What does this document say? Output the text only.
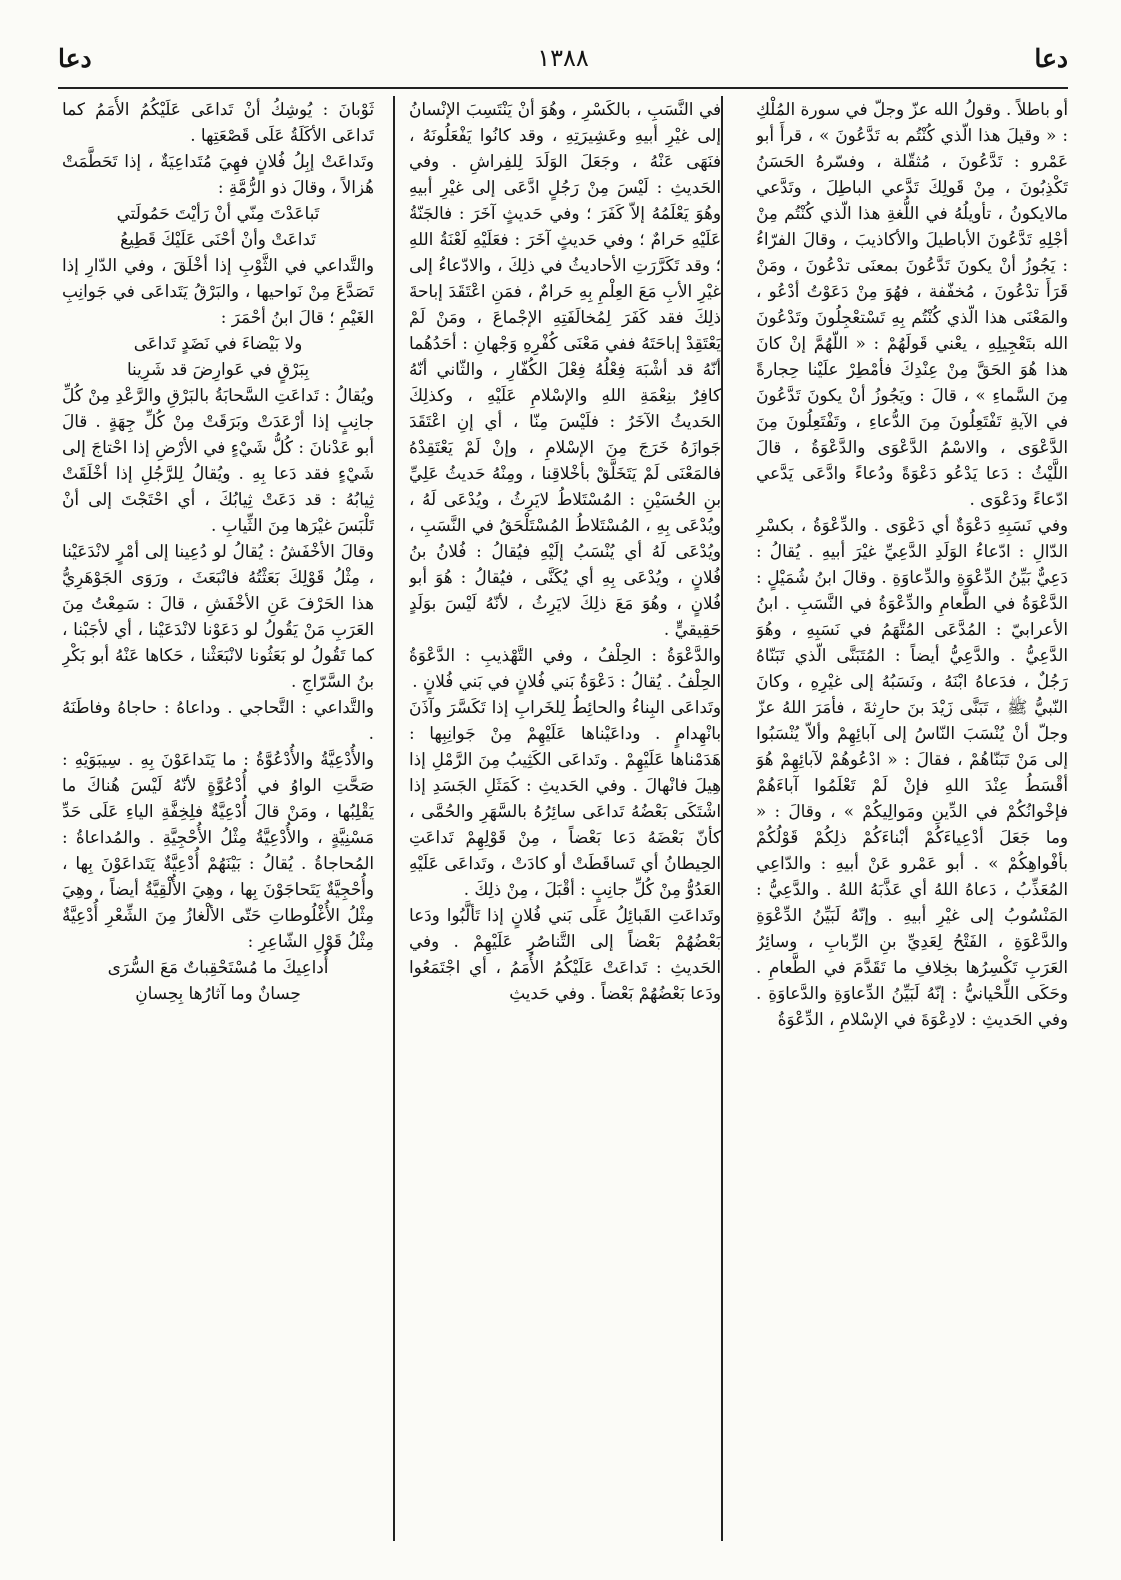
دعا
١٣٨٨
دعا

أو باطلاً . وقولُ الله عزّ وجلّ في سورة المُلْكِ : « وقيلَ هذا الّذي كُنْتُم به تَدَّعُونَ » ، قرأَ أبو عَمْرو : تَدَّعُونَ ، مُثقّلة ، وفسّرهُ الحَسَنُ تَكْذِبُونَ ، مِنْ قَولِكَ تَدَّعي الباطِلَ ، وتَدَّعي مالايكونُ ، تأويلُهُ في اللُّغةِ هذا الّذي كُنْتُم مِنْ أجْلِهِ تَدَّعُونَ الأباطيلَ والأكاذيبَ ، وقالَ الفرّاءُ : يَجُوزُ أنْ يكونَ تَدَّعُونَ بمعنَى تدْعُونَ ، ومَنْ قَرَأَ تدْعُونَ ، مُخفّفة ، فهُوَ مِنْ دَعَوْتُ أدْعُو ، والمَعْنَى هذا الّذي كُنْتُم بِهِ تَسْتعْجِلُونَ وتَدْعُونَ الله بتَعْجِيلِهِ ، يعْني قَولَهُمْ : « اللّهُمَّ إنْ كانَ هذا هُوَ الحَقَّ مِنْ عِنْدِكَ فأمْطِرْ علَيْنا حِجارةً مِنَ السَّماءِ » ، قالَ : ويَجُوزُ أنْ يكونَ تَدَّعُونَ في الآيةِ تَفْتَعِلُونَ مِنَ الدُّعاءِ ، وتَفْتَعِلُونَ مِنَ الدَّعْوَى ، والاسْمُ الدَّعْوَى والدَّعْوَةُ ، قالَ اللَّيْثُ : دَعا يَدْعُو دَعْوَةً ودُعاءً وادَّعَى يَدَّعي ادّعاءً ودَعْوَى .

وفي نَسَبِهِ دَعْوَةٌ أي دَعْوَى . والدِّعْوَةُ ، بكسْرِ الدّالِ : ادّعاءُ الوَلَدِ الدَّعِيِّ غيْرَ أبيهِ . يُقالُ : دَعِيٌّ بَيِّنُ الدِّعْوَةِ والدِّعاوَةِ . وقالَ ابنُ شُمَيْلٍ : الدَّعْوَةُ في الطَّعامِ والدِّعْوَةُ في النَّسَبِ . ابنُ الأعرابيّ : المُدَّعَى المُتَّهَمُ في نَسَبِهِ ، وهُوَ الدَّعِيُّ . والدَّعِيُّ أيضاً : المُتَبَنَّى الّذي تَبَنّاهُ رَجُلٌ ، فدَعاهُ ابْنَهُ ، ونَسَبُهُ إلى غيْرِهِ ، وكانَ النّبيُّ ﷺ ، تَبَنَّى زَيْدَ بنَ حارِثةَ ، فأمَرَ اللهُ عزّ وجلّ أنْ يُنْسَبَ النّاسُ إلى آبائِهِمْ وألاّ يُنْسَبُوا إلى مَنْ تَبَنّاهُمْ ، فقالَ : « ادْعُوهُمْ لآبائِهِمْ هُوَ أقْسَطُ عِنْدَ اللهِ فإنْ لَمْ تَعْلَمُوا آباءَهُمْ فإخْوانُكُمْ في الدِّينِ ومَوالِيكُمْ » ، وقالَ : « وما جَعَلَ أدْعِياءَكُمْ أبْناءَكُمْ ذلِكُمْ قَوْلُكُمْ بأفْواهِكُمْ » . أبو عَمْرو عَنْ أبيهِ : والدّاعِي المُعَذِّبُ ، دَعاهُ اللهُ أي عَذَّبَهُ اللهُ . والدَّعِيُّ : المَنْسُوبُ إلى غيْرِ أبيهِ . وإنّهُ لَبَيِّنُ الدِّعْوَةِ والدَّعْوَةِ ، الفَتْحُ لِعَدِيِّ بنِ الرِّبابِ ، وسائِرُ العَرَبِ تَكْسِرُها بخِلافِ ما تَقَدَّمَ في الطَّعامِ . وحَكَى اللِّحْيانيُّ : إنّهُ لَبَيِّنُ الدِّعاوَةِ والدَّعاوَةِ . وفي الحَديثِ : لادِعْوَةَ في الإسْلامِ ، الدِّعْوَةُ

في النَّسَبِ ، بالكَسْرِ ، وهُوَ أنْ يَنْتَسِبَ الإنْسانُ إلى غيْرِ أبيهِ وعَشِيرَتِهِ ، وقد كانُوا يَفْعَلُونَهُ ، فنَهَى عَنْهُ ، وجَعَلَ الوَلَدَ لِلفِراشِ . وفي الحَديثِ : لَيْسَ مِنْ رَجُلٍ ادَّعَى إلى غيْرِ أبيهِ وهُوَ يَعْلَمُهُ إلاّ كَفَرَ ؛ وفي حَديثٍ آخَرَ : فالجَنّةُ عَلَيْهِ حَرامٌ ؛ وفي حَديثٍ آخَرَ : فعَلَيْهِ لَعْنَةُ اللهِ ؛ وقد تَكَرَّرَتِ الأحاديثُ في ذلِكَ ، والادّعاءُ إلى غيْرِ الأبِ مَعَ العِلْمِ بِهِ حَرامٌ ، فمَنِ اعْتَقَدَ إباحةَ ذلِكَ فقد كَفَرَ لِمُخالَفَتِهِ الإجْماعَ ، ومَنْ لَمْ يَعْتَقِدْ إباحَتَهُ ففي مَعْنَى كُفْرِهِ وَجْهانِ : أحَدُهُما أنّهُ قد أشْبَهَ فِعْلُهُ فِعْلَ الكُفّارِ ، والثّاني أنّهُ كافِرٌ بنِعْمَةِ اللهِ والإسْلامِ عَلَيْهِ ، وكذلِكَ الحَديثُ الآخَرُ : فلَيْسَ مِنّا ، أي إنِ اعْتَقَدَ جَوازَهُ خَرَجَ مِنَ الإسْلامِ ، وإنْ لَمْ يَعْتَقِدْهُ فالمَعْنَى لَمْ يَتَخَلَّقْ بأخْلاقِنا ، ومِنْهُ حَديثُ عَلِيِّ بنِ الحُسَيْنِ : المُسْتَلاطُ لايَرِثُ ، ويُدْعَى لَهُ ، ويُدْعَى بِهِ ، المُسْتَلاطُ المُسْتَلْحَقُ في النَّسَبِ ، ويُدْعَى لَهُ أي يُنْسَبُ إلَيْهِ فيُقالُ : فُلانُ بنُ فُلانٍ ، ويُدْعَى بِهِ أي يُكَنَّى ، فيُقالُ : هُوَ أبو فُلانٍ ، وهُوَ مَعَ ذلِكَ لايَرِثُ ، لأنّهُ لَيْسَ بوَلَدٍ حَقِيقيٍّ .

والدَّعْوَةُ : الحِلْفُ ، وفي التَّهْذيبِ : الدَّعْوَةُ الحِلْفُ . يُقالُ : دَعْوَةُ بَني فُلانٍ في بَني فُلانٍ .

وتَداعَى البِناءُ والحائِطُ لِلخَرابِ إذا تَكَسَّرَ وآذَنَ بانْهِدامٍ . وداعَيْناها عَلَيْهِمْ مِنْ جَوانِبِها : هَدَمْناها عَلَيْهِمْ . وتَداعَى الكَثِيبُ مِنَ الرَّمْلِ إذا هِيلَ فانْهالَ . وفي الحَديثِ : كَمَثَلِ الجَسَدِ إذا اشْتَكَى بَعْضُهُ تَداعَى سائِرُهُ بالسَّهَرِ والحُمَّى ، كأنّ بَعْضَهُ دَعا بَعْضاً ، مِنْ قَوْلِهِمْ تَداعَتِ الحِيطانُ أي تَساقَطَتْ أو كادَتْ ، وتَداعَى عَلَيْهِ العَدُوُّ مِنْ كُلِّ جانِبٍ : أقْبَلَ ، مِنْ ذلِكَ .

وتَداعَتِ القَبائِلُ عَلَى بَني فُلانٍ إذا تَألَّبُوا ودَعا بَعْضُهُمْ بَعْضاً إلى التَّناصُرِ عَلَيْهِمْ . وفي الحَديثِ : تَداعَتْ عَلَيْكُمُ الأُمَمُ ، أي اجْتَمَعُوا ودَعا بَعْضُهُمْ بَعْضاً . وفي حَديثِ

ثَوْبانَ : يُوشِكُ أنْ تَداعَى عَلَيْكُمُ الأُمَمُ كما تَداعَى الأكَلَةُ عَلَى قَصْعَتِها .

وتَداعَتْ إبِلُ فُلانٍ فهِيَ مُتَداعِيَةٌ ، إذا تَحَطَّمَتْ هُزالاً ، وقالَ ذو الرُّمَّةِ :

تَباعَدْتَ مِنّي أنْ رَأيْتَ حَمُولَتي

تَداعَتْ وأنْ أحْنَى عَلَيْكَ قَطِيعُ

والتَّداعي في الثَّوْبِ إذا أخْلَقَ ، وفي الدّارِ إذا تَصَدَّعَ مِنْ نَواحيها ، والبَرْقُ يَتَداعَى في جَوانِبِ الغَيْمِ ؛ قالَ ابنُ أحْمَرَ :

ولا بَيْضاءَ في نَضَدٍ تَداعَى

بِبَرْقٍ في عَوارِضَ قد شَرِينا

ويُقالُ : تَداعَتِ السَّحابَةُ بالبَرْقِ والرَّعْدِ مِنْ كُلِّ جانِبٍ إذا أرْعَدَتْ وبَرَقَتْ مِنْ كُلِّ جِهَةٍ . قالَ أبو عَدْنانَ : كُلُّ شَيْءٍ في الأرْضِ إذا احْتاجَ إلى شَيْءٍ فقد دَعا بِهِ . ويُقالُ لِلرَّجُلِ إذا أخْلَقَتْ ثِيابُهُ : قد دَعَتْ ثِيابُكَ ، أي احْتَجْتَ إلى أنْ تَلْبَسَ غيْرَها مِنَ الثِّيابِ .

وقالَ الأخْفَشُ : يُقالُ لو دُعِينا إلى أمْرٍ لانْدَعَيْنا ، مِثْلُ قَوْلِكَ بَعَثْتُهُ فانْبَعَثَ ، ورَوَى الجَوْهَرِيُّ هذا الحَرْفَ عَنِ الأخْفَشِ ، قالَ : سَمِعْتُ مِنَ العَرَبِ مَنْ يَقُولُ لو دَعَوْنا لانْدَعَيْنا ، أي لأجَبْنا ، كما تَقُولُ لو بَعَثُونا لانْبَعَثْنا ، حَكاها عَنْهُ أبو بَكْرِ بنُ السَّرّاجِ .

والتَّداعي : التَّحاجي . وداعاهُ : حاجاهُ وفاطَنَهُ .

والأُدْعِيَّةُ والأُدْعُوَّةُ : ما يَتَداعَوْنَ بِهِ . سِيبَوَيْهِ : صَحَّتِ الواوُ في أُدْعُوَّةٍ لأنّهُ لَيْسَ هُناكَ ما يَقْلِبُها ، ومَنْ قالَ أُدْعِيَّةٌ فلِخِفَّةِ الياءِ عَلَى حَدِّ مَسْنِيَّةٍ ، والأُدْعِيَّةُ مِثْلُ الأُحْجِيَّةِ . والمُداعاةُ : المُحاجاةُ . يُقالُ : بَيْنَهُمْ أُدْعِيَّةٌ يَتَداعَوْنَ بِها ، وأُحْجِيَّةٌ يَتَحاجَوْنَ بِها ، وهِيَ الأُلْقِيَّةُ أيضاً ، وهِيَ مِثْلُ الأُغْلُوطاتِ حَتّى الألْغازُ مِنَ الشِّعْرِ أُدْعِيَّةٌ مِثْلُ قَوْلِ الشّاعِرِ :

أُداعِيكَ ما مُسْتَحْقِباتٌ مَعَ السُّرَى

حِسانٌ وما آثارُها بِحِسانِ
